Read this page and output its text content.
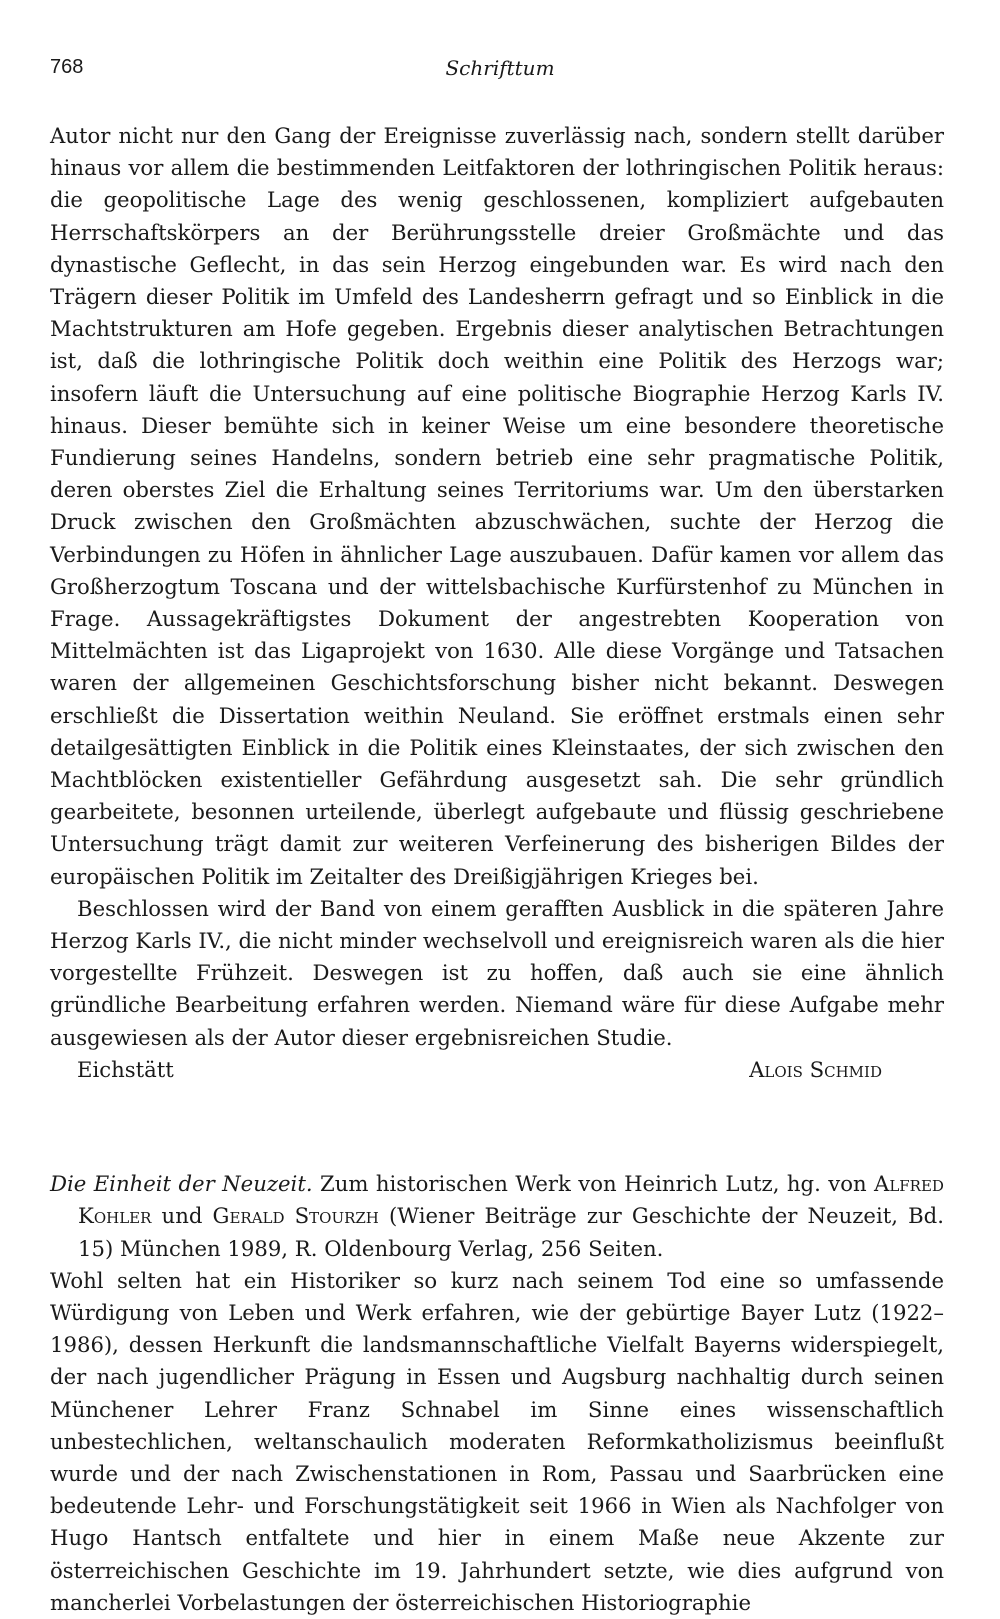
768	Schrifttum

Autor nicht nur den Gang der Ereignisse zuverlässig nach, sondern stellt darüber hinaus vor allem die bestimmenden Leitfaktoren der lothringischen Politik heraus: die geopolitische Lage des wenig geschlossenen, kompliziert aufgebauten Herrschaftskörpers an der Berührungsstelle dreier Großmächte und das dynastische Geflecht, in das sein Herzog eingebunden war. Es wird nach den Trägern dieser Politik im Umfeld des Landesherrn gefragt und so Einblick in die Machtstrukturen am Hofe gegeben. Ergebnis dieser analytischen Betrachtungen ist, daß die lothringische Politik doch weithin eine Politik des Herzogs war; insofern läuft die Untersuchung auf eine politische Biographie Herzog Karls IV. hinaus. Dieser bemühte sich in keiner Weise um eine besondere theoretische Fundierung seines Handelns, sondern betrieb eine sehr pragmatische Politik, deren oberstes Ziel die Erhaltung seines Territoriums war. Um den überstarken Druck zwischen den Großmächten abzuschwächen, suchte der Herzog die Verbindungen zu Höfen in ähnlicher Lage auszubauen. Dafür kamen vor allem das Großherzogtum Toscana und der wittelsbachische Kurfürstenhof zu München in Frage. Aussagekräftigstes Dokument der angestrebten Kooperation von Mittelmächten ist das Ligaprojekt von 1630. Alle diese Vorgänge und Tatsachen waren der allgemeinen Geschichtsforschung bisher nicht bekannt. Deswegen erschließt die Dissertation weithin Neuland. Sie eröffnet erstmals einen sehr detailgesättigten Einblick in die Politik eines Kleinstaates, der sich zwischen den Machtblöcken existentieller Gefährdung ausgesetzt sah. Die sehr gründlich gearbeitete, besonnen urteilende, überlegt aufgebaute und flüssig geschriebene Untersuchung trägt damit zur weiteren Verfeinerung des bisherigen Bildes der europäischen Politik im Zeitalter des Dreißigjährigen Krieges bei.

Beschlossen wird der Band von einem gerafften Ausblick in die späteren Jahre Herzog Karls IV., die nicht minder wechselvoll und ereignisreich waren als die hier vorgestellte Frühzeit. Deswegen ist zu hoffen, daß auch sie eine ähnlich gründliche Bearbeitung erfahren werden. Niemand wäre für diese Aufgabe mehr ausgewiesen als der Autor dieser ergebnisreichen Studie.

Eichstätt	Alois Schmid
Die Einheit der Neuzeit. Zum historischen Werk von Heinrich Lutz, hg. von Alfred Kohler und Gerald Stourzh (Wiener Beiträge zur Geschichte der Neuzeit, Bd. 15) München 1989, R. Oldenbourg Verlag, 256 Seiten.

Wohl selten hat ein Historiker so kurz nach seinem Tod eine so umfassende Würdigung von Leben und Werk erfahren, wie der gebürtige Bayer Lutz (1922–1986), dessen Herkunft die landsmannschaftliche Vielfalt Bayerns widerspiegelt, der nach jugendlicher Prägung in Essen und Augsburg nachhaltig durch seinen Münchener Lehrer Franz Schnabel im Sinne eines wissenschaftlich unbestechlichen, weltanschaulich moderaten Reformkatholizismus beeinflußt wurde und der nach Zwischenstationen in Rom, Passau und Saarbrücken eine bedeutende Lehr- und Forschungstätigkeit seit 1966 in Wien als Nachfolger von Hugo Hantsch entfaltete und hier in einem Maße neue Akzente zur österreichischen Geschichte im 19. Jahrhundert setzte, wie dies aufgrund von mancherlei Vorbelastungen der österreichischen Historiographie
